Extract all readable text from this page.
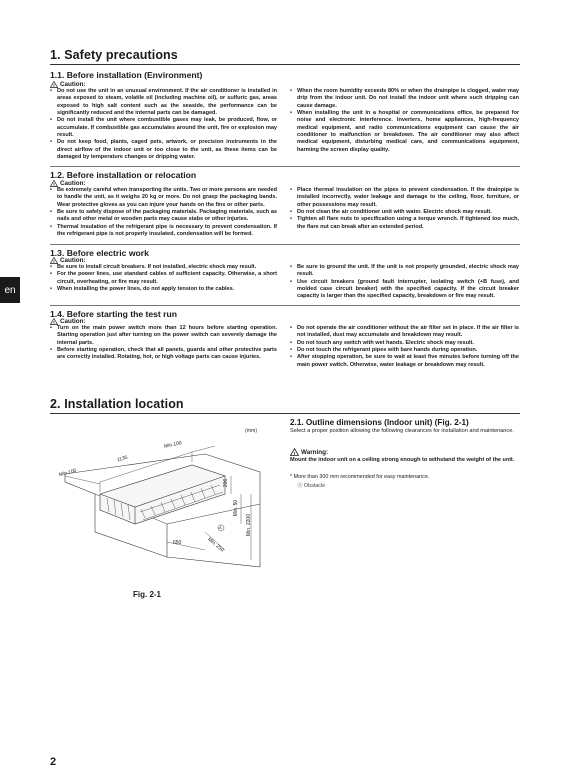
1. Safety precautions
1.1. Before installation (Environment)
! Caution:
• Do not use the unit in an unusual environment. If the air conditioner is installed in areas exposed to steam, volatile oil (including machine oil), or sulfuric gas, areas exposed to high salt content such as the seaside, the performance can be significantly reduced and the internal parts can be damaged.
• Do not install the unit where combustible gases may leak, be produced, flow, or accumulate. If combustible gas accumulates around the unit, fire or explosion may result.
• Do not keep food, plants, caged pets, artwork, or precision instruments in the direct airflow of the indoor unit or too close to the unit, as these items can be damaged by temperature changes or dripping water.
• When the room humidity exceeds 80% or when the drainpipe is clogged, water may drip from the indoor unit. Do not install the indoor unit where such dripping can cause damage.
• When installing the unit in a hospital or communications office, be prepared for noise and electronic interference. Inverters, home appliances, high-frequency medical equipment, and radio communications equipment can cause the air conditioner to malfunction or breakdown. The air conditioner may also affect medical equipment, disturbing medical care, and communications equipment, harming the screen display quality.
1.2. Before installation or relocation
! Caution:
• Be extremely careful when transporting the units. Two or more persons are needed to handle the unit, as it weighs 20 kg or more. Do not grasp the packaging bands. Wear protective gloves as you can injure your hands on the fins or other parts.
• Be sure to safely dispose of the packaging materials. Packaging materials, such as nails and other metal or wooden parts may cause stabs or other injuries.
• Thermal insulation of the refrigerant pipe is necessary to prevent condensation. If the refrigerant pipe is not properly insulated, condensation will be formed.
• Place thermal insulation on the pipes to prevent condensation. If the drainpipe is installed incorrectly, water leakage and damage to the ceiling, floor, furniture, or other possessions may result.
• Do not clean the air conditioner unit with water. Electric shock may result.
• Tighten all flare nuts to specification using a torque wrench. If tightened too much, the flare nut can break after an extended period.
1.3. Before electric work
! Caution:
• Be sure to install circuit breakers. If not installed, electric shock may result.
• For the power lines, use standard cables of sufficient capacity. Otherwise, a short circuit, overheating, or fire may result.
• When installing the power lines, do not apply tension to the cables.
• Be sure to ground the unit. If the unit is not properly grounded, electric shock may result.
• Use circuit breakers (ground fault interrupter, isolating switch (+B fuse), and molded case circuit breaker) with the specified capacity. If the circuit breaker capacity is larger than the specified capacity, breakdown or fire may result.
1.4. Before starting the test run
! Caution:
• Turn on the main power switch more than 12 hours before starting operation. Starting operation just after turning on the power switch can severely damage the internal parts.
• Before starting operation, check that all panels, guards and other protective parts are correctly installed. Rotating, hot, or high voltage parts can cause injuries.
• Do not operate the air conditioner without the air filter set in place. If the air filter is not installed, dust may accumulate and breakdown may result.
• Do not touch any switch with wet hands. Electric shock may result.
• Do not touch the refrigerant pipes with bare hands during operation.
• After stopping operation, be sure to wait at least five minutes before turning off the main power switch. Otherwise, water leakage or breakdown may result.
en
2. Installation location
2.1. Outline dimensions (Indoor unit) (Fig. 2-1)
Select a proper position allowing the following clearances for installation and maintenance.
! Warning:
Mount the indoor unit on a ceiling strong enough to withstand the weight of the unit.
* More than 300 mm recommended for easy maintenance.
Ⓐ Obstacle
(mm)
Min.100
1135
Min.100
206
Min. 50
Min. 2200
650	Min. 250
A
Fig. 2-1
2
